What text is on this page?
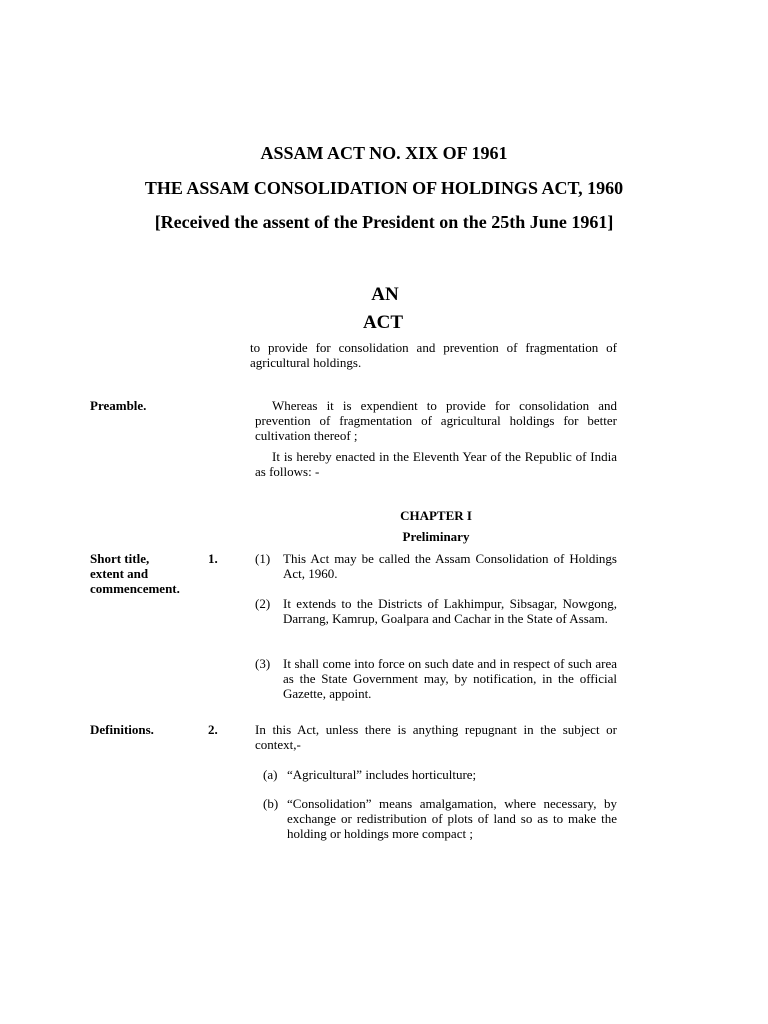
ASSAM ACT NO. XIX OF 1961
THE ASSAM CONSOLIDATION OF HOLDINGS ACT, 1960
[Received the assent of the President on the 25th June 1961]
AN
ACT
to provide for consolidation and prevention of fragmentation of agricultural holdings.
Preamble.	Whereas it is expendient to provide for consolidation and prevention of fragmentation of agricultural holdings for better cultivation thereof ;
It is hereby enacted in the Eleventh Year of the Republic of India as follows: -
CHAPTER I
Preliminary
Short title,
extent and
commencement.
1.	(1) This Act may be called the Assam Consolidation of Holdings Act, 1960.
(2) It extends to the Districts of Lakhimpur, Sibsagar, Nowgong, Darrang, Kamrup, Goalpara and Cachar in the State of Assam.
(3) It shall come into force on such date and in respect of such area as the State Government may, by notification, in the official Gazette, appoint.
Definitions.	2.	In this Act, unless there is anything repugnant in the subject or context,-
(a) “Agricultural” includes horticulture;
(b) “Consolidation” means amalgamation, where necessary, by exchange or redistribution of plots of land so as to make the holding or holdings more compact ;
